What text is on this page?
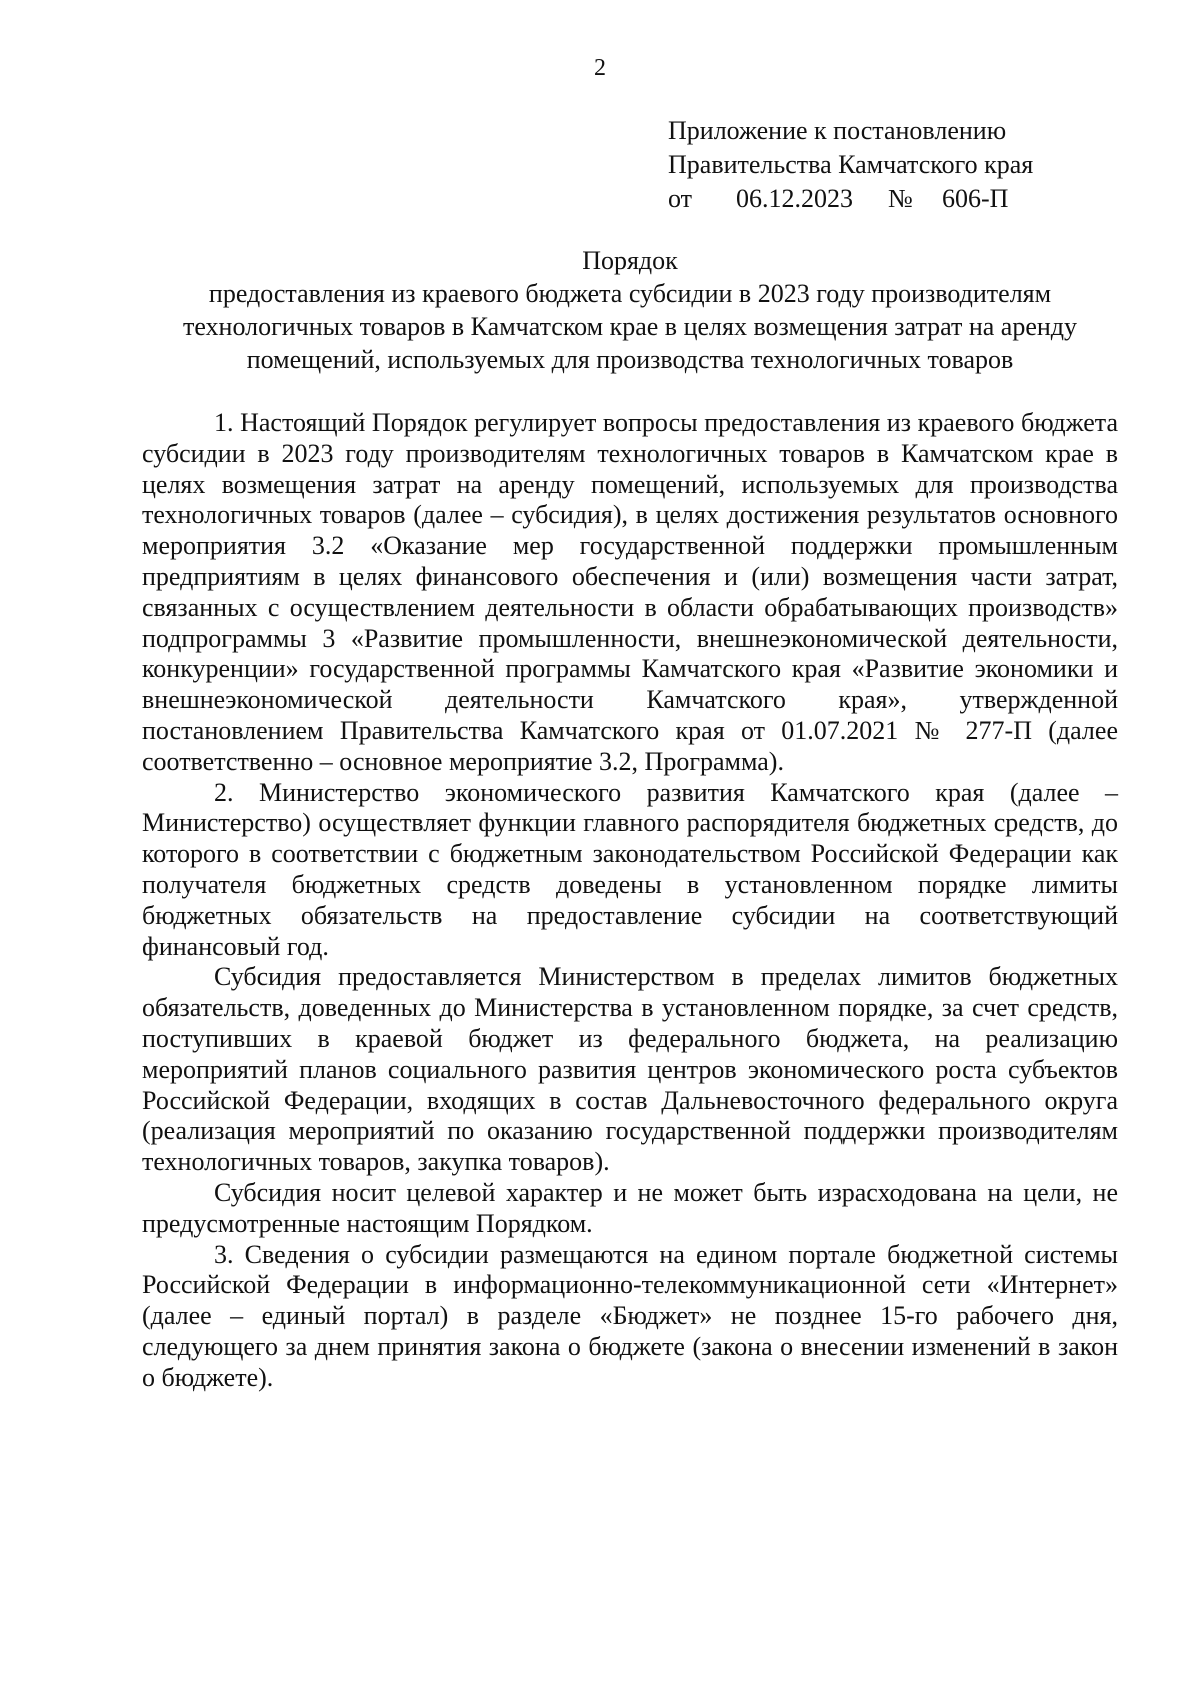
2
Приложение к постановлению
Правительства Камчатского края
от 06.12.2023 № 606-П
Порядок
предоставления из краевого бюджета субсидии в 2023 году производителям технологичных товаров в Камчатском крае в целях возмещения затрат на аренду помещений, используемых для производства технологичных товаров

1. Настоящий Порядок регулирует вопросы предоставления из краевого бюджета субсидии в 2023 году производителям технологичных товаров в Камчатском крае в целях возмещения затрат на аренду помещений, используемых для производства технологичных товаров (далее – субсидия), в целях достижения результатов основного мероприятия 3.2 «Оказание мер государственной поддержки промышленным предприятиям в целях финансового обеспечения и (или) возмещения части затрат, связанных с осуществлением деятельности в области обрабатывающих производств» подпрограммы 3 «Развитие промышленности, внешнеэкономической деятельности, конкуренции» государственной программы Камчатского края «Развитие экономики и внешнеэкономической деятельности Камчатского края», утвержденной постановлением Правительства Камчатского края от 01.07.2021 № 277-П (далее соответственно – основное мероприятие 3.2, Программа).

2. Министерство экономического развития Камчатского края (далее – Министерство) осуществляет функции главного распорядителя бюджетных средств, до которого в соответствии с бюджетным законодательством Российской Федерации как получателя бюджетных средств доведены в установленном порядке лимиты бюджетных обязательств на предоставление субсидии на соответствующий финансовый год.

Субсидия предоставляется Министерством в пределах лимитов бюджетных обязательств, доведенных до Министерства в установленном порядке, за счет средств, поступивших в краевой бюджет из федерального бюджета, на реализацию мероприятий планов социального развития центров экономического роста субъектов Российской Федерации, входящих в состав Дальневосточного федерального округа (реализация мероприятий по оказанию государственной поддержки производителям технологичных товаров, закупка товаров).

Субсидия носит целевой характер и не может быть израсходована на цели, не предусмотренные настоящим Порядком.

3. Сведения о субсидии размещаются на едином портале бюджетной системы Российской Федерации в информационно-телекоммуникационной сети «Интернет» (далее – единый портал) в разделе «Бюджет» не позднее 15-го рабочего дня, следующего за днем принятия закона о бюджете (закона о внесении изменений в закон о бюджете).
